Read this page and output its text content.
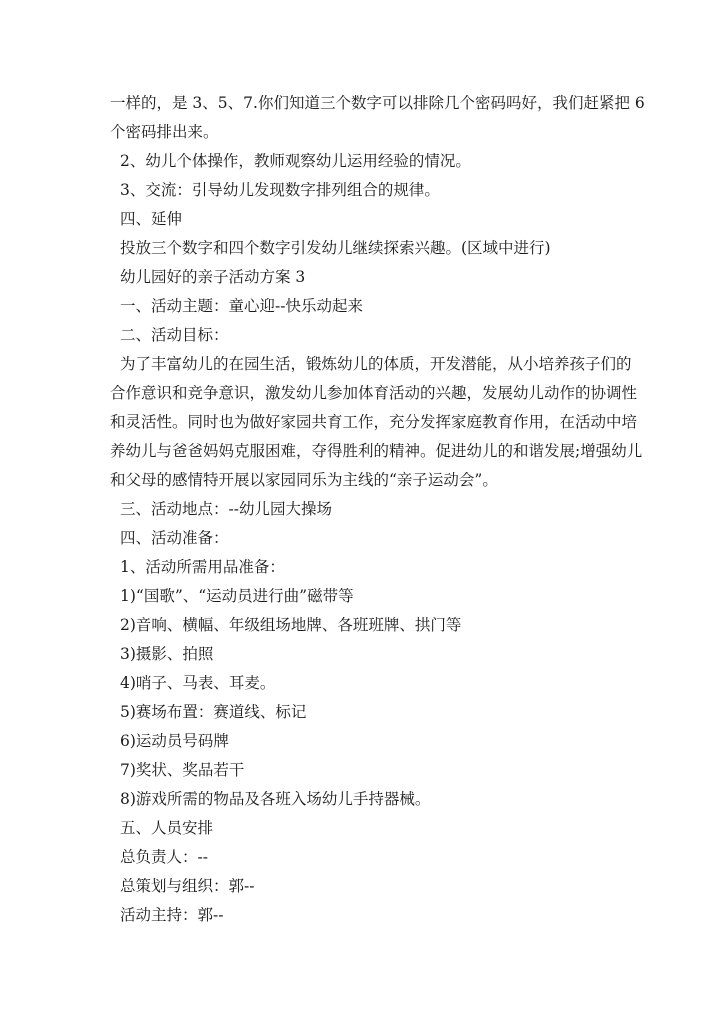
一样的，是 3、5、7.你们知道三个数字可以排除几个密码吗好，我们赶紧把 6
个密码排出来。
2、幼儿个体操作，教师观察幼儿运用经验的情况。
3、交流：引导幼儿发现数字排列组合的规律。
四、延伸
投放三个数字和四个数字引发幼儿继续探索兴趣。(区域中进行)
幼儿园好的亲子活动方案 3
一、活动主题：童心迎--快乐动起来
二、活动目标：
为了丰富幼儿的在园生活，锻炼幼儿的体质，开发潜能，从小培养孩子们的
合作意识和竞争意识，激发幼儿参加体育活动的兴趣，发展幼儿动作的协调性
和灵活性。同时也为做好家园共育工作，充分发挥家庭教育作用，在活动中培
养幼儿与爸爸妈妈克服困难，夺得胜利的精神。促进幼儿的和谐发展;增强幼儿
和父母的感情特开展以家园同乐为主线的“亲子运动会”。
三、活动地点：--幼儿园大操场
四、活动准备：
1、活动所需用品准备：
1)“国歌”、“运动员进行曲”磁带等
2)音响、横幅、年级组场地牌、各班班牌、拱门等
3)摄影、拍照
4)哨子、马表、耳麦。
5)赛场布置：赛道线、标记
6)运动员号码牌
7)奖状、奖品若干
8)游戏所需的物品及各班入场幼儿手持器械。
五、人员安排
总负责人：--
总策划与组织：郭--
活动主持：郭--
